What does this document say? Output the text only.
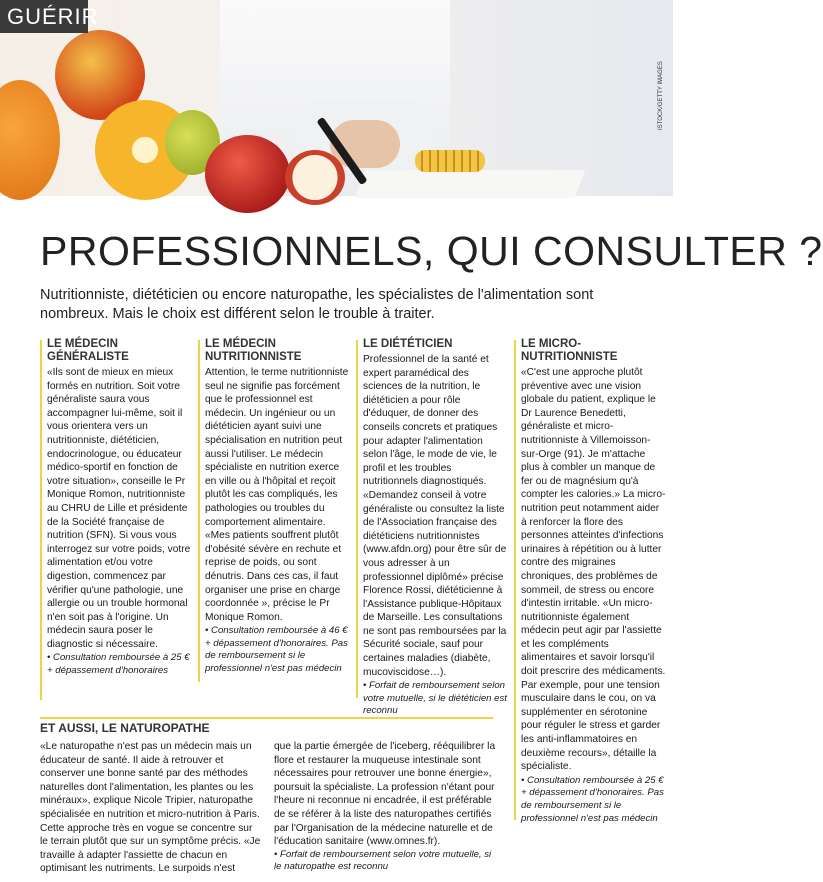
GUÉRIR
ISTOCK/GETTY IMAGES
PROFESSIONNELS, QUI CONSULTER ?

Nutritionniste, diététicien ou encore naturopathe, les spécialistes de l'alimentation sont nombreux. Mais le choix est différent selon le trouble à traiter.

LE MÉDECIN
GÉNÉRALISTE

«Ils sont de mieux en mieux formés en nutrition. Soit votre généraliste saura vous accompagner lui-même, soit il vous orientera vers un nutritionniste, diététicien, endocrinologue, ou éducateur médico-sportif en fonction de votre situation», conseille le Pr Monique Romon, nutritionniste au CHRU de Lille et présidente de la Société française de nutrition (SFN). Si vous vous interrogez sur votre poids, votre alimentation et/ou votre digestion, commencez par vérifier qu'une pathologie, une allergie ou un trouble hormonal n'en soit pas à l'origine. Un médecin saura poser le diagnostic si nécessaire.

• Consultation remboursée à 25 € + dépassement d'honoraires

LE MÉDECIN
NUTRITIONNISTE

Attention, le terme nutritionniste seul ne signifie pas forcément que le professionnel est médecin. Un ingénieur ou un diététicien ayant suivi une spécialisation en nutrition peut aussi l'utiliser. Le médecin spécialiste en nutrition exerce en ville ou à l'hôpital et reçoit plutôt les cas compliqués, les pathologies ou troubles du comportement alimentaire. «Mes patients souffrent plutôt d'obésité sévère en rechute et reprise de poids, ou sont dénutris. Dans ces cas, il faut organiser une prise en charge coordonnée », précise le Pr Monique Romon.

• Consultation remboursée à 46 € + dépassement d'honoraires. Pas de remboursement si le professionnel n'est pas médecin

LE DIÉTÉTICIEN

Professionnel de la santé et expert paramédical des sciences de la nutrition, le diététicien a pour rôle d'éduquer, de donner des conseils concrets et pratiques pour adapter l'alimentation selon l'âge, le mode de vie, le profil et les troubles nutritionnels diagnostiqués. «Demandez conseil à votre généraliste ou consultez la liste de l'Association française des diététiciens nutritionnistes (www.afdn.org) pour être sûr de vous adresser à un professionnel diplômé» précise Florence Rossi, diététicienne à l'Assistance publique-Hôpitaux de Marseille. Les consultations ne sont pas remboursées par la Sécurité sociale, sauf pour certaines maladies (diabète, mucoviscidose…).

• Forfait de remboursement selon votre mutuelle, si le diététicien est reconnu

LE MICRO-
NUTRITIONNISTE

«C'est une approche plutôt préventive avec une vision globale du patient, explique le Dr Laurence Benedetti, généraliste et micro-nutritionniste à Villemoisson-sur-Orge (91). Je m'attache plus à combler un manque de fer ou de magnésium qu'à compter les calories.» La micro-nutrition peut notamment aider à renforcer la flore des personnes atteintes d'infections urinaires à répétition ou à lutter contre des migraines chroniques, des problèmes de sommeil, de stress ou encore d'intestin irritable. «Un micro-nutritionniste également médecin peut agir par l'assiette et les compléments alimentaires et savoir lorsqu'il doit prescrire des médicaments. Par exemple, pour une tension musculaire dans le cou, on va supplémenter en sérotonine pour réguler le stress et garder les anti-inflammatoires en deuxième recours», détaille la spécialiste.

• Consultation remboursée à 25 € + dépassement d'honoraires. Pas de remboursement si le professionnel n'est pas médecin

ET AUSSI, LE NATUROPATHE

«Le naturopathe n'est pas un médecin mais un éducateur de santé. Il aide à retrouver et conserver une bonne santé par des méthodes naturelles dont l'alimentation, les plantes ou les minéraux», explique Nicole Tripier, naturopathe spécialisée en nutrition et micro-nutrition à Paris. Cette approche très en vogue se concentre sur le terrain plutôt que sur un symptôme précis. «Je travaille à adapter l'assiette de chacun en optimisant les nutriments. Le surpoids n'est

que la partie émergée de l'iceberg, rééquilibrer la flore et restaurer la muqueuse intestinale sont nécessaires pour retrouver une bonne énergie», poursuit la spécialiste. La profession n'étant pour l'heure ni reconnue ni encadrée, il est préférable de se référer à la liste des naturopathes certifiés par l'Organisation de la médecine naturelle et de l'éducation sanitaire (www.omnes.fr).

• Forfait de remboursement selon votre mutuelle, si le naturopathe est reconnu
